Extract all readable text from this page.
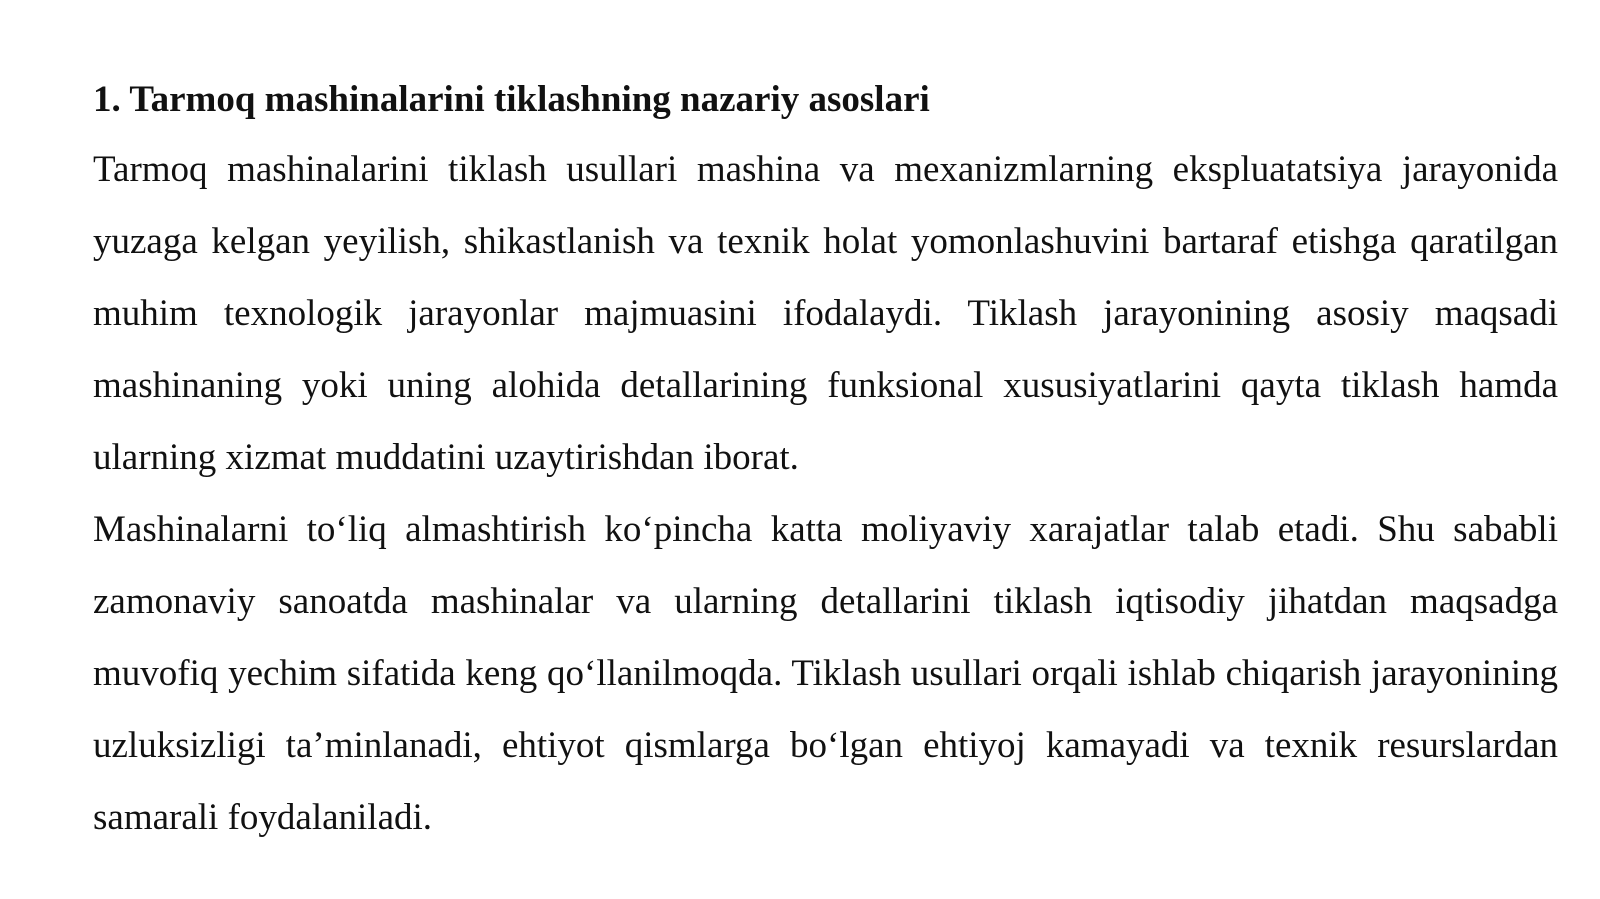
1. Tarmoq mashinalarini tiklashning nazariy asoslari

Tarmoq mashinalarini tiklash usullari mashina va mexanizmlarning ekspluatatsiya jarayonida yuzaga kelgan yeyilish, shikastlanish va texnik holat yomonlashuvini bartaraf etishga qaratilgan muhim texnologik jarayonlar majmuasini ifodalaydi. Tiklash jarayonining asosiy maqsadi mashinaning yoki uning alohida detallarining funksional xususiyatlarini qayta tiklash hamda ularning xizmat muddatini uzaytirishdan iborat.

Mashinalarni to‘liq almashtirish ko‘pincha katta moliyaviy xarajatlar talab etadi. Shu sababli zamonaviy sanoatda mashinalar va ularning detallarini tiklash iqtisodiy jihatdan maqsadga muvofiq yechim sifatida keng qo‘llanilmoqda. Tiklash usullari orqali ishlab chiqarish jarayonining uzluksizligi ta’minlanadi, ehtiyot qismlarga bo‘lgan ehtiyoj kamayadi va texnik resurslardan samarali foydalaniladi.
